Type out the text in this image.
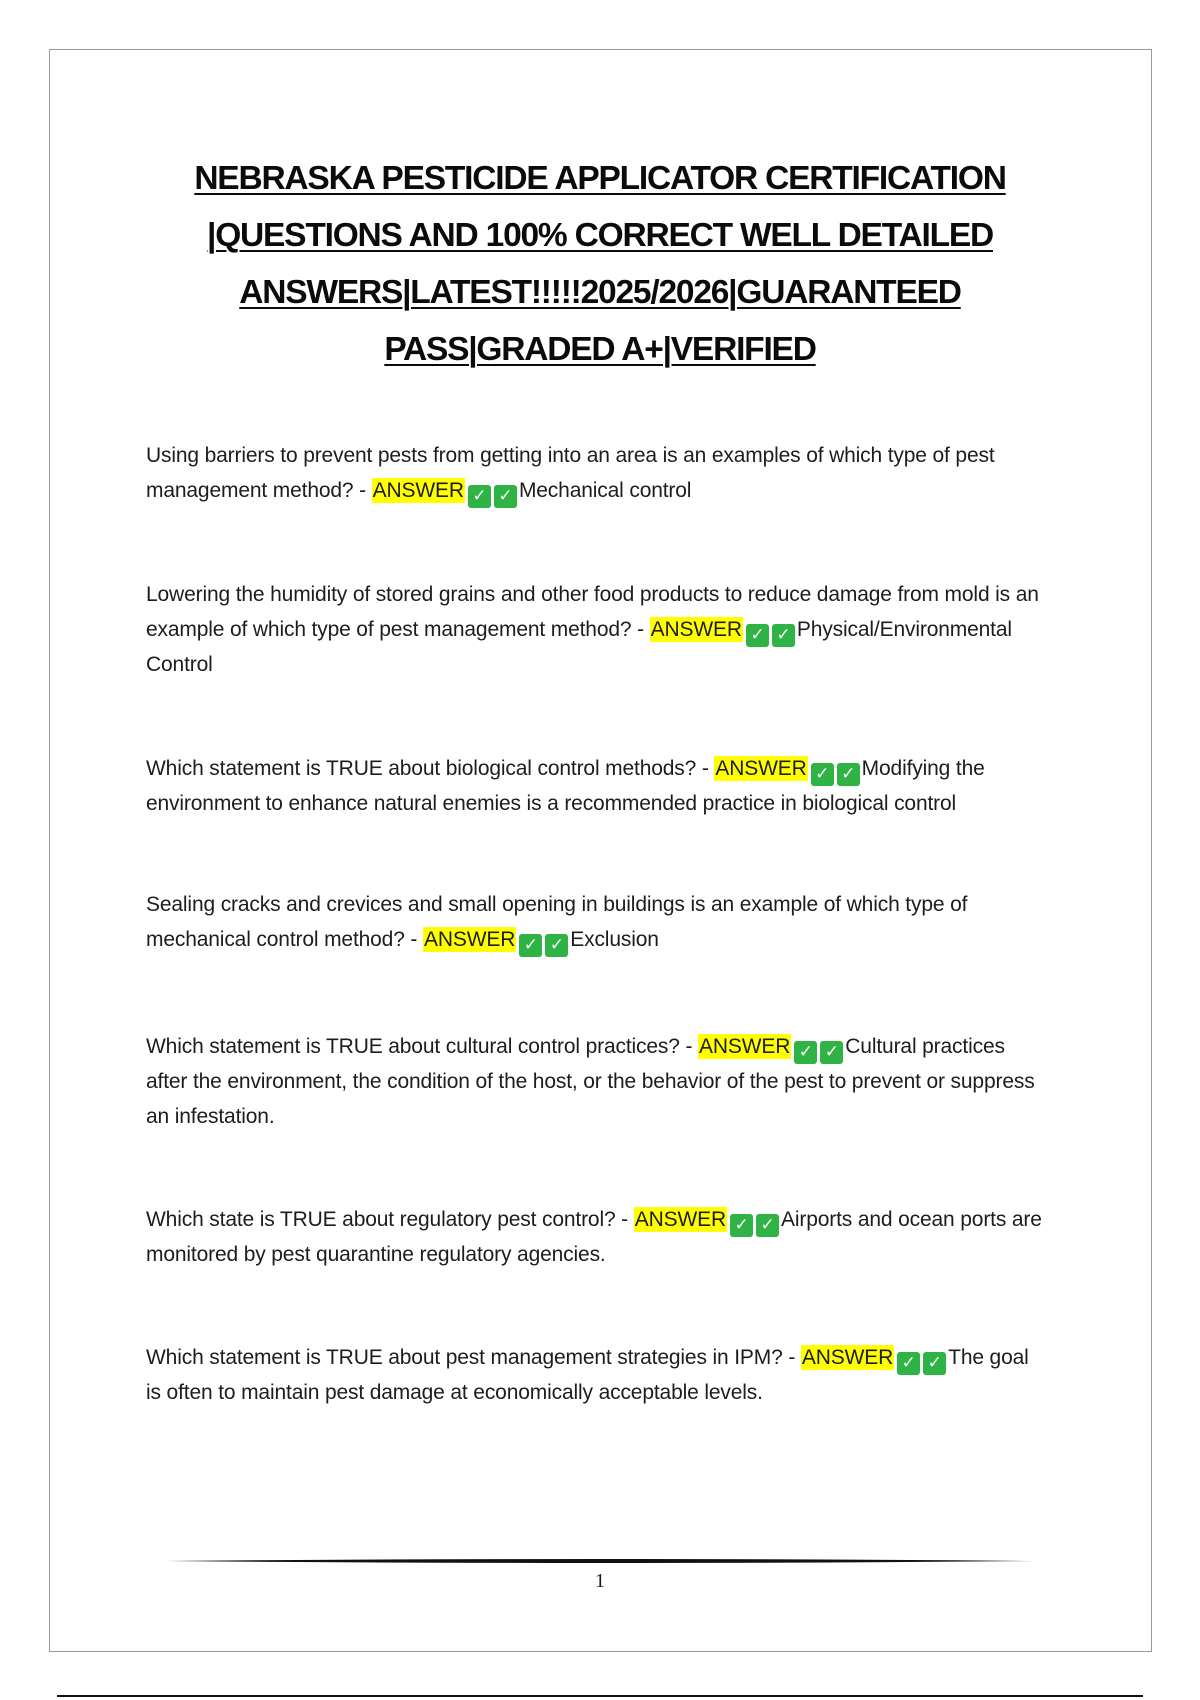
NEBRASKA PESTICIDE APPLICATOR CERTIFICATION
|QUESTIONS AND 100% CORRECT WELL DETAILED
ANSWERS|LATEST!!!!!2025/2026|GUARANTEED
PASS|GRADED A+|VERIFIED
Using barriers to prevent pests from getting into an area is an examples of which type of pest management method? - ANSWER ✓ ✓ Mechanical control
Lowering the humidity of stored grains and other food products to reduce damage from mold is an example of which type of pest management method? - ANSWER ✓ ✓ Physical/Environmental Control
Which statement is TRUE about biological control methods? - ANSWER ✓ ✓ Modifying the environment to enhance natural enemies is a recommended practice in biological control
Sealing cracks and crevices and small opening in buildings is an example of which type of mechanical control method? - ANSWER ✓ ✓ Exclusion
Which statement is TRUE about cultural control practices? - ANSWER ✓ ✓ Cultural practices after the environment, the condition of the host, or the behavior of the pest to prevent or suppress an infestation.
Which state is TRUE about regulatory pest control? - ANSWER ✓ ✓ Airports and ocean ports are monitored by pest quarantine regulatory agencies.
Which statement is TRUE about pest management strategies in IPM? - ANSWER ✓ ✓ The goal is often to maintain pest damage at economically acceptable levels.
1
